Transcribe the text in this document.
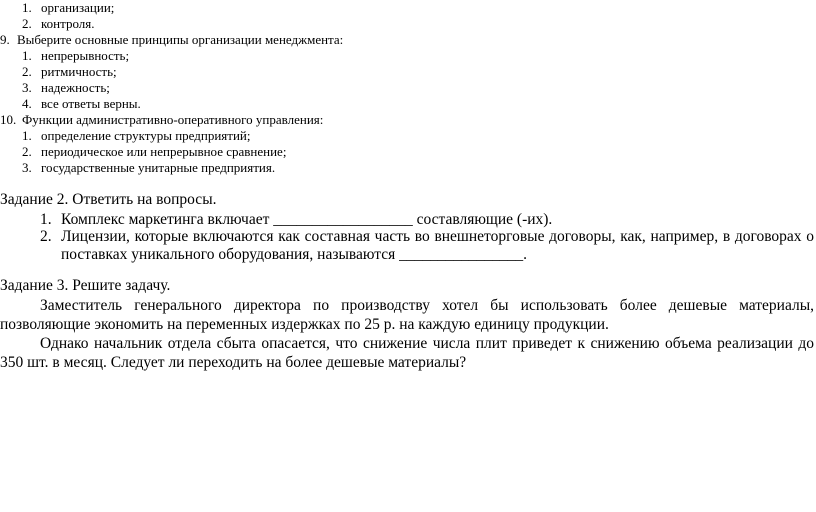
1. организации;
2. контроля.
9. Выберите основные принципы организации менеджмента:
1. непрерывность;
2. ритмичность;
3. надежность;
4. все ответы верны.
10. Функции административно-оперативного управления:
1. определение структуры предприятий;
2. периодическое или непрерывное сравнение;
3. государственные унитарные предприятия.
Задание 2. Ответить на вопросы.
1. Комплекс маркетинга включает __________________ составляющие (-их).
2. Лицензии, которые включаются как составная часть во внешнеторговые договоры, как, например, в договорах о
поставках уникального оборудования, называются ________________.
Задание 3. Решите задачу.
Заместитель генерального директора по производству хотел бы использовать более дешевые материалы,
позволяющие экономить на переменных издержках по 25 р. на каждую единицу продукции.
Однако начальник отдела сбыта опасается, что снижение числа плит приведет к снижению объема реализации до
350 шт. в месяц. Следует ли переходить на более дешевые материалы?
